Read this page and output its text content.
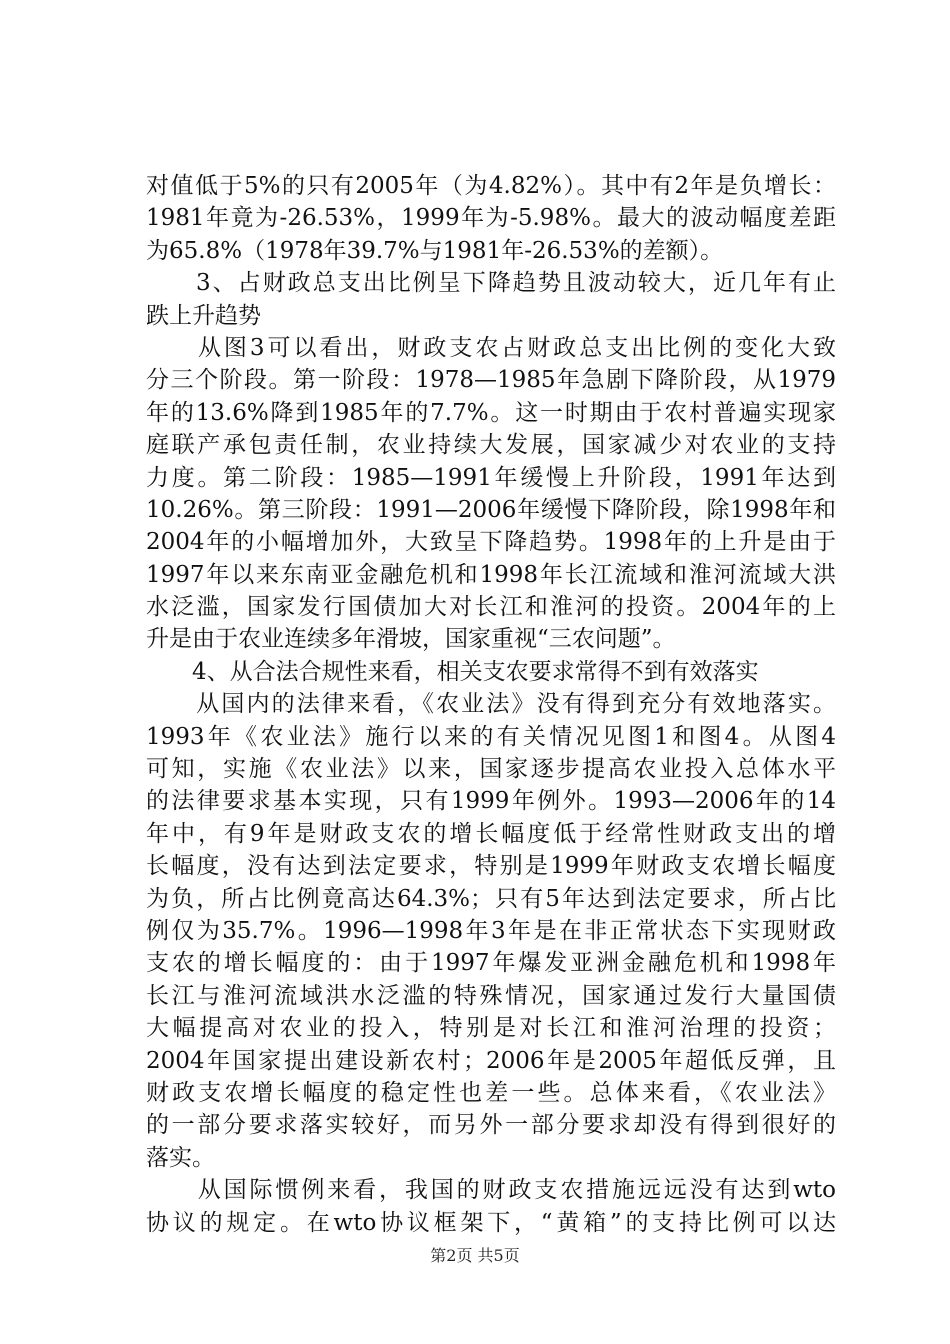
对值低于5%的只有2005年（为4.82%）。其中有2年是负增长：
1981年竟为-26.53%，1999年为-5.98%。最大的波动幅度差距
为65.8%（1978年39.7%与1981年-26.53%的差额）。
　　3、占财政总支出比例呈下降趋势且波动较大，近几年有止
跌上升趋势
　　从图3可以看出，财政支农占财政总支出比例的变化大致
分三个阶段。第一阶段：1978—1985年急剧下降阶段，从1979
年的13.6%降到1985年的7.7%。这一时期由于农村普遍实现家
庭联产承包责任制，农业持续大发展，国家减少对农业的支持
力度。第二阶段：1985—1991年缓慢上升阶段，1991年达到
10.26%。第三阶段：1991—2006年缓慢下降阶段，除1998年和
2004年的小幅增加外，大致呈下降趋势。1998年的上升是由于
1997年以来东南亚金融危机和1998年长江流域和淮河流域大洪
水泛滥，国家发行国债加大对长江和淮河的投资。2004年的上
升是由于农业连续多年滑坡，国家重视“三农问题”。
　　4、从合法合规性来看，相关支农要求常得不到有效落实
　　从国内的法律来看，《农业法》没有得到充分有效地落实。
1993年《农业法》施行以来的有关情况见图1和图4。从图4
可知，实施《农业法》以来，国家逐步提高农业投入总体水平
的法律要求基本实现，只有1999年例外。1993—2006年的14
年中，有9年是财政支农的增长幅度低于经常性财政支出的增
长幅度，没有达到法定要求，特别是1999年财政支农增长幅度
为负，所占比例竟高达64.3%；只有5年达到法定要求，所占比
例仅为35.7%。1996—1998年3年是在非正常状态下实现财政
支农的增长幅度的：由于1997年爆发亚洲金融危机和1998年
长江与淮河流域洪水泛滥的特殊情况，国家通过发行大量国债
大幅提高对农业的投入，特别是对长江和淮河治理的投资；
2004年国家提出建设新农村；2006年是2005年超低反弹，且
财政支农增长幅度的稳定性也差一些。总体来看，《农业法》
的一部分要求落实较好，而另外一部分要求却没有得到很好的
落实。
　　从国际惯例来看，我国的财政支农措施远远没有达到wto
协议的规定。在wto协议框架下，“黄箱”的支持比例可以达
第2页 共5页
